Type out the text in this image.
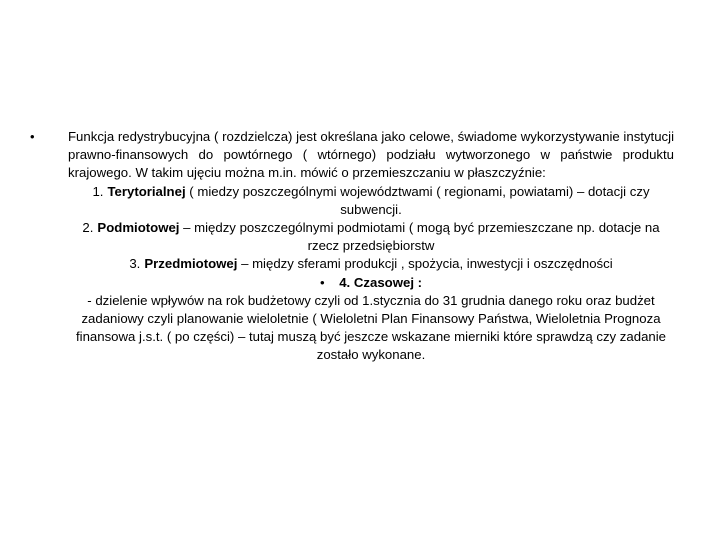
•	Funkcja redystrybucyjna ( rozdzielcza) jest określana jako celowe, świadome wykorzystywanie instytucji prawno-finansowych do powtórnego ( wtórnego) podziału wytworzonego w państwie produktu krajowego. W takim ujęciu można m.in. mówić o przemieszczaniu w płaszczyźnie:

1. Terytorialnej ( miedzy poszczególnymi województwami ( regionami, powiatami) – dotacji czy subwencji.

2. Podmiotowej – między poszczególnymi podmiotami ( mogą być przemieszczane np. dotacje na rzecz przedsiębiorstw

3. Przedmiotowej – między sferami produkcji , spożycia, inwestycji i oszczędności

• 4. Czasowej :

- dzielenie wpływów na rok budżetowy czyli od 1.stycznia do 31 grudnia danego roku oraz budżet zadaniowy czyli planowanie wieloletnie ( Wieloletni Plan Finansowy Państwa, Wieloletnia Prognoza finansowa j.s.t. ( po części) – tutaj muszą być jeszcze wskazane mierniki które sprawdzą czy zadanie zostało wykonane.
